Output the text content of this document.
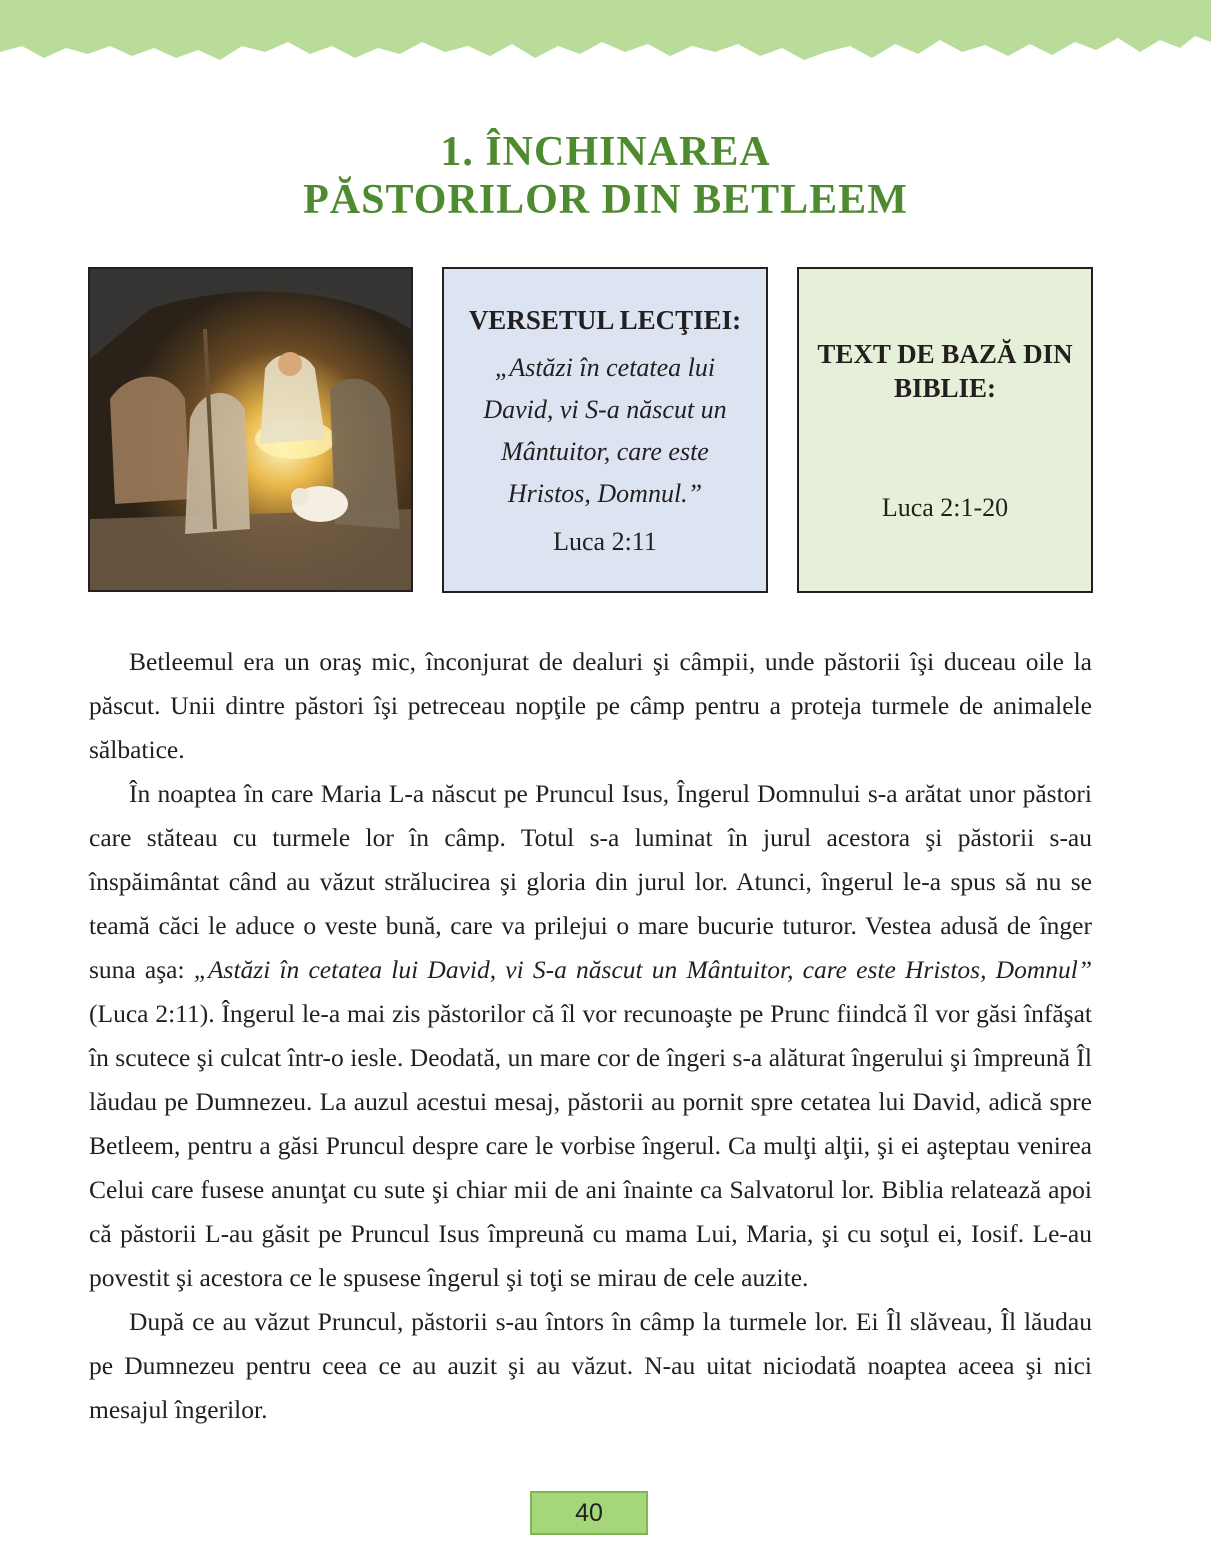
1. ÎNCHINAREA
PĂSTORILOR DIN BETLEEM
VERSETUL LECŢIEI:
„Astăzi în cetatea lui David, vi S-a născut un Mântuitor, care este Hristos, Domnul.”
Luca 2:11
TEXT DE BAZĂ DIN BIBLIE:
Luca 2:1-20

Betleemul era un oraş mic, înconjurat de dealuri şi câmpii, unde păstorii îşi duceau oile la păscut. Unii dintre păstori îşi petreceau nopţile pe câmp pentru a proteja turmele de animalele sălbatice.

În noaptea în care Maria L-a născut pe Pruncul Isus, Îngerul Domnului s-a arătat unor păstori care stăteau cu turmele lor în câmp. Totul s-a luminat în jurul acestora şi păstorii s-au înspăimântat când au văzut strălucirea şi gloria din jurul lor. Atunci, îngerul le-a spus să nu se teamă căci le aduce o veste bună, care va prilejui o mare bucurie tuturor. Vestea adusă de înger suna aşa: „Astăzi în cetatea lui David, vi S-a născut un Mântuitor, care este Hristos, Domnul” (Luca 2:11). Îngerul le-a mai zis păstorilor că îl vor recunoaşte pe Prunc fiindcă îl vor găsi înfăşat în scutece şi culcat într-o iesle. Deodată, un mare cor de îngeri s-a alăturat îngerului şi împreună Îl lăudau pe Dumnezeu. La auzul acestui mesaj, păstorii au pornit spre cetatea lui David, adică spre Betleem, pentru a găsi Pruncul despre care le vorbise îngerul. Ca mulţi alţii, şi ei aşteptau venirea Celui care fusese anunţat cu sute şi chiar mii de ani înainte ca Salvatorul lor. Biblia relatează apoi că păstorii L-au găsit pe Pruncul Isus împreună cu mama Lui, Maria, şi cu soţul ei, Iosif. Le-au povestit şi acestora ce le spusese îngerul şi toţi se mirau de cele auzite.

După ce au văzut Pruncul, păstorii s-au întors în câmp la turmele lor. Ei Îl slăveau, Îl lăudau pe Dumnezeu pentru ceea ce au auzit şi au văzut. N-au uitat niciodată noaptea aceea şi nici mesajul îngerilor.

40
